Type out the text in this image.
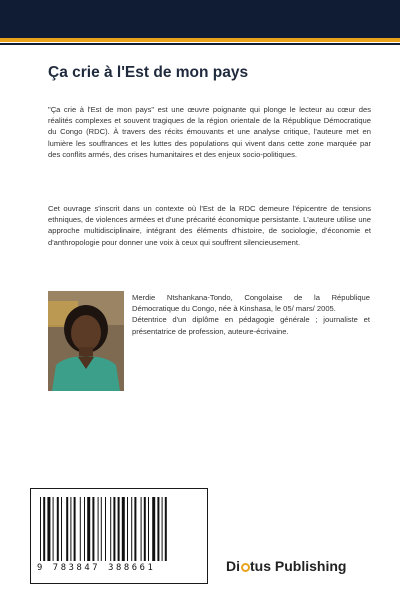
Ça crie à l'Est de mon pays

"Ça crie à l'Est de mon pays" est une œuvre poignante qui plonge le lecteur au cœur des réalités complexes et souvent tragiques de la région orientale de la République Démocratique du Congo (RDC). À travers des récits émouvants et une analyse critique, l'auteure met en lumière les souffrances et les luttes des populations qui vivent dans cette zone marquée par des conflits armés, des crises humanitaires et des enjeux socio-politiques.

Cet ouvrage s'inscrit dans un contexte où l'Est de la RDC demeure l'épicentre de tensions ethniques, de violences armées et d'une précarité économique persistante. L'auteure utilise une approche multidisciplinaire, intégrant des éléments d'histoire, de sociologie, d'économie et d'anthropologie pour donner une voix à ceux qui souffrent silencieusement.

Merdie Ntshankana-Tondo, Congolaise de la République Démocratique du Congo, née à Kinshasa, le 05/ mars/ 2005.

Détentrice d'un diplôme en pédagogie générale ; journaliste et présentatrice de profession, auteure-écrivaine.

9 783847 388661	Di tus Publishing
